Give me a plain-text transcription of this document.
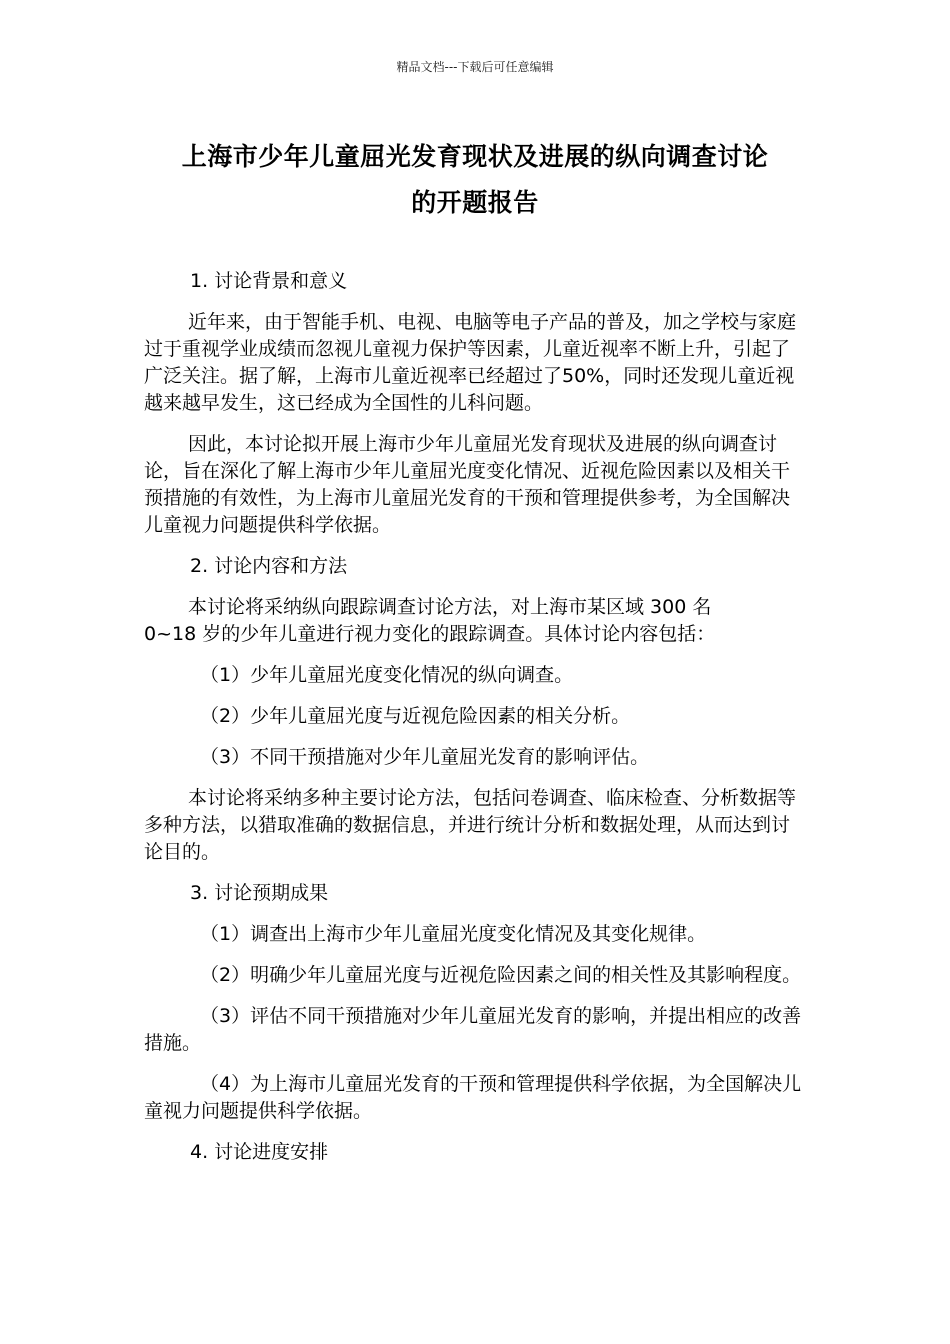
精品文档---下载后可任意编辑
上海市少年儿童屈光发育现状及进展的纵向调查讨论
的开题报告

1. 讨论背景和意义

近年来，由于智能手机、电视、电脑等电子产品的普及，加之学校与家庭过于重视学业成绩而忽视儿童视力保护等因素，儿童近视率不断上升，引起了广泛关注。据了解，上海市儿童近视率已经超过了50%，同时还发现儿童近视越来越早发生，这已经成为全国性的儿科问题。

因此，本讨论拟开展上海市少年儿童屈光发育现状及进展的纵向调查讨论，旨在深化了解上海市少年儿童屈光度变化情况、近视危险因素以及相关干预措施的有效性，为上海市儿童屈光发育的干预和管理提供参考，为全国解决儿童视力问题提供科学依据。

2. 讨论内容和方法

本讨论将采纳纵向跟踪调查讨论方法，对上海市某区域 300 名
0~18 岁的少年儿童进行视力变化的跟踪调查。具体讨论内容包括：

（1）少年儿童屈光度变化情况的纵向调查。

（2）少年儿童屈光度与近视危险因素的相关分析。

（3）不同干预措施对少年儿童屈光发育的影响评估。

本讨论将采纳多种主要讨论方法，包括问卷调查、临床检查、分析数据等多种方法，以猎取准确的数据信息，并进行统计分析和数据处理，从而达到讨论目的。

3. 讨论预期成果

（1）调查出上海市少年儿童屈光度变化情况及其变化规律。

（2）明确少年儿童屈光度与近视危险因素之间的相关性及其影响程度。

（3）评估不同干预措施对少年儿童屈光发育的影响，并提出相应的改善措施。

（4）为上海市儿童屈光发育的干预和管理提供科学依据，为全国解决儿童视力问题提供科学依据。

4. 讨论进度安排
